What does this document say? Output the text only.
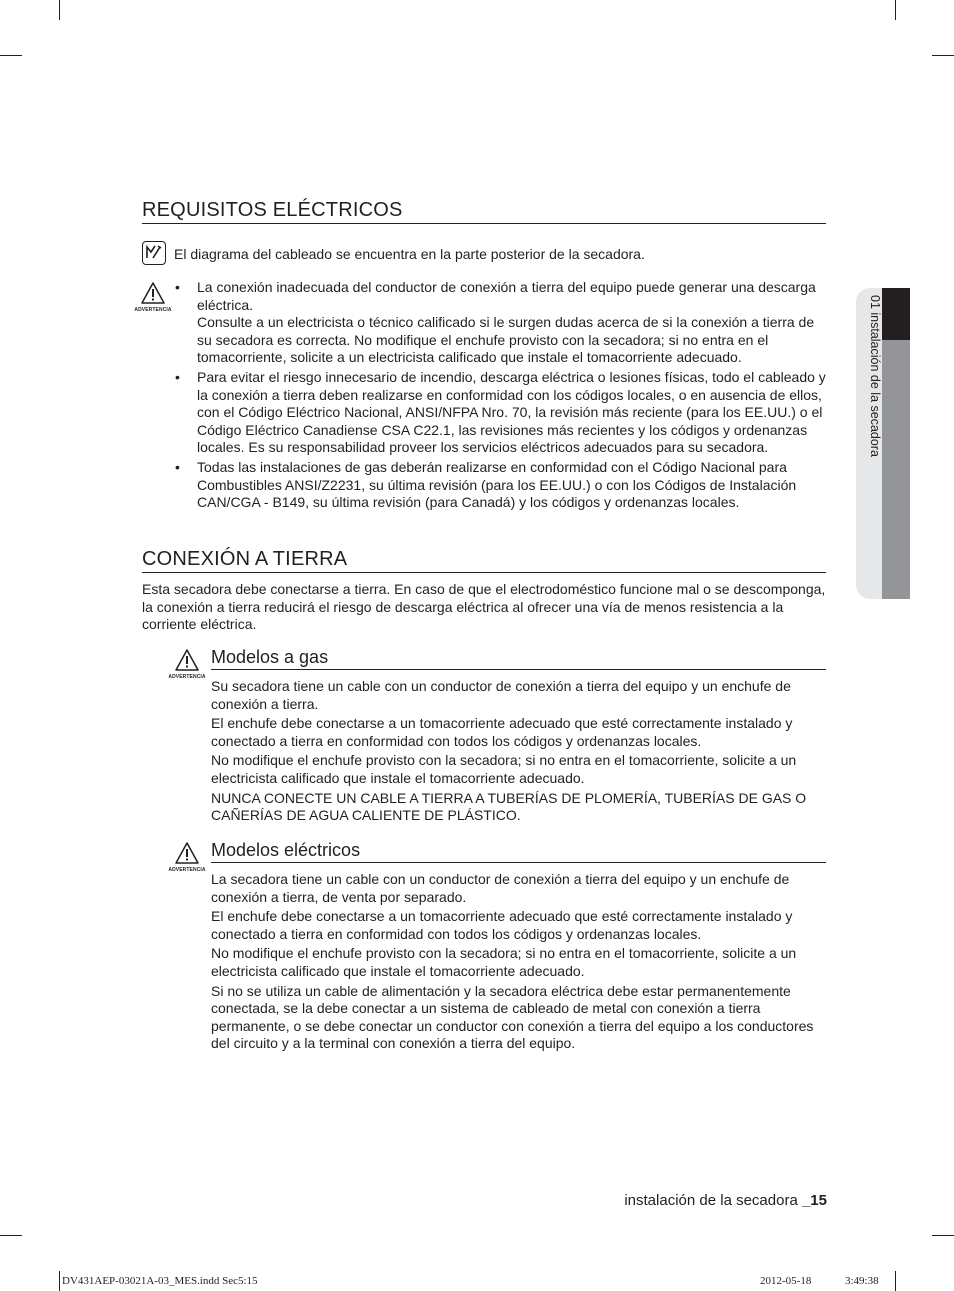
REQUISITOS ELÉCTRICOS
El diagrama del cableado se encuentra en la parte posterior de la secadora.
ADVERTENCIA

• La conexión inadecuada del conductor de conexión a tierra del equipo puede generar una descarga eléctrica.

Consulte a un electricista o técnico calificado si le surgen dudas acerca de si la conexión a tierra de su secadora es correcta. No modifique el enchufe provisto con la secadora; si no entra en el tomacorriente, solicite a un electricista calificado que instale el tomacorriente adecuado.

• Para evitar el riesgo innecesario de incendio, descarga eléctrica o lesiones físicas, todo el cableado y la conexión a tierra deben realizarse en conformidad con los códigos locales, o en ausencia de ellos, con el Código Eléctrico Nacional, ANSI/NFPA Nro. 70, la revisión más reciente (para los EE.UU.) o el Código Eléctrico Canadiense CSA C22.1, las revisiones más recientes y los códigos y ordenanzas locales. Es su responsabilidad proveer los servicios eléctricos adecuados para su secadora.

• Todas las instalaciones de gas deberán realizarse en conformidad con el Código Nacional para Combustibles ANSI/Z2231, su última revisión (para los EE.UU.) o con los Códigos de Instalación CAN/CGA - B149, su última revisión (para Canadá) y los códigos y ordenanzas locales.

CONEXIÓN A TIERRA

Esta secadora debe conectarse a tierra. En caso de que el electrodoméstico funcione mal o se descomponga, la conexión a tierra reducirá el riesgo de descarga eléctrica al ofrecer una vía de menos resistencia a la corriente eléctrica.

ADVERTENCIA
Modelos a gas

Su secadora tiene un cable con un conductor de conexión a tierra del equipo y un enchufe de conexión a tierra.

El enchufe debe conectarse a un tomacorriente adecuado que esté correctamente instalado y conectado a tierra en conformidad con todos los códigos y ordenanzas locales.

No modifique el enchufe provisto con la secadora; si no entra en el tomacorriente, solicite a un electricista calificado que instale el tomacorriente adecuado.

NUNCA CONECTE UN CABLE A TIERRA A TUBERÍAS DE PLOMERÍA, TUBERÍAS DE GAS O CAÑERÍAS DE AGUA CALIENTE DE PLÁSTICO.

ADVERTENCIA
Modelos eléctricos

La secadora tiene un cable con un conductor de conexión a tierra del equipo y un enchufe de conexión a tierra, de venta por separado.

El enchufe debe conectarse a un tomacorriente adecuado que esté correctamente instalado y conectado a tierra en conformidad con todos los códigos y ordenanzas locales.

No modifique el enchufe provisto con la secadora; si no entra en el tomacorriente, solicite a un electricista calificado que instale el tomacorriente adecuado.

Si no se utiliza un cable de alimentación y la secadora eléctrica debe estar permanentemente conectada, se la debe conectar a un sistema de cableado de metal con conexión a tierra permanente, o se debe conectar un conductor con conexión a tierra del equipo a los conductores del circuito y a la terminal con conexión a tierra del equipo.

01 instalación de la secadora
instalación de la secadora _15
DV431AEP-03021A-03_MES.indd Sec5:15	2012-05-18	3:49:38
